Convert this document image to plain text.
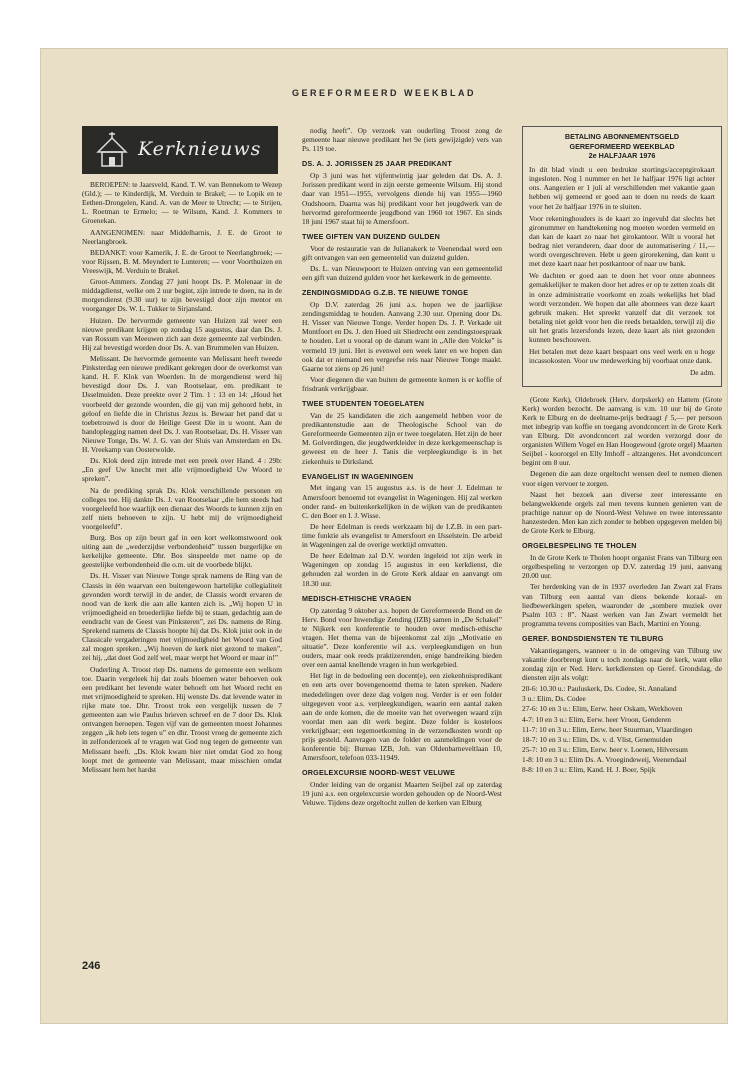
GEREFORMEERD WEEKBLAD
Kerknieuws

BEROEPEN: te Jaarsveld, Kand. T. W. van Bennekom te Wezep (Gld.); — te Kinderdijk, M. Verduin te Brakel; — te Lopik en te Eethen-Drongelen, Kand. A. van de Meer te Utrecht; — te Strijen, L. Roetman te Ermelo; — te Wilsum, Kand. J. Kommers te Groenekan.

AANGENOMEN: naar Middelharnis, J. E. de Groot te Neerlangbroek.

BEDANKT: voor Kamerik, J. E. de Groot te Neerlangbroek; — voor Rijssen, B. M. Meyndert te Lunteren; — voor Voorthuizen en Vreeswijk, M. Verduin te Brakel.

Groot-Ammers. Zondag 27 juni hoopt Ds. P. Molenaar in de middagdienst, welke om 2 uur begint, zijn intrede te doen, na in de morgendienst (9.30 uur) te zijn bevestigd door zijn mentor en voorganger Ds. W. L. Tukker te Sirjansland.

Huizen. De hervormde gemeente van Huizen zal weer een nieuwe predikant krijgen op zondag 15 augustus, daar dan Ds. J. van Rossum van Meeuwen zich aan deze gemeente zal verbinden. Hij zal bevestigd worden door Ds. A. van Brummelen van Huizen.

Melissant. De hervormde gemeente van Melissant heeft tweede Pinksterdag een nieuwe predikant gekregen door de overkomst van kand. H. F. Klok van Woerden. In de morgendienst werd hij bevestigd door Ds. J. van Rootselaar, em. predikant te IJsselmuiden. Deze preekte over 2 Tim. 1 : 13 en 14: „Houd het voorbeeld der gezonde woorden, die gij van mij gehoord hebt, in geloof en liefde die in Christus Jezus is. Bewaar het pand dat u toebetrouwd is door de Heilige Geest Die in u woont. Aan de handoplegging namen deel Ds. J. van Rootselaar, Ds. H. Visser van Nieuwe Tonge, Ds. W. J. G. van der Sluis van Amsterdam en Ds. H. Vreekamp van Oosterwolde.

Ds. Klok deed zijn intrede met een preek over Hand. 4 : 29b: „En geef Uw knecht met alle vrijmoedigheid Uw Woord te spreken”.

Na de prediking sprak Ds. Klok verschillende personen en colleges toe. Hij dankte Ds. J. van Rootselaar „die hem steeds had voorgeleefd hoe waarlijk een dienaar des Woords te kunnen zijn en zelf niets behoeven te zijn. U hebt mij de vrijmoedigheid voorgeleefd”.

Burg. Bos op zijn beurt gaf in een kort welkomstwoord ook uiting aan de „wederzijdse verbondenheid” tussen burgerlijke en kerkelijke gemeente. Dhr. Bos sinspeelde met name op de geestelijke verbondenheid die o.m. uit de voorbede blijkt.

Ds. H. Visser van Nieuwe Tonge sprak namens de Ring van de Classis in één waarvan een buitengewoon hartelijke collegialiteit gevonden wordt terwijl in de ander, de Classis wordt ervaren de nood van de kerk die aan alle kanten zich is. „Wij hopen U in vrijmoedigheid en broederlijke liefde bij te staan, gedachtig aan de eendracht van de Geest van Pinksteren”, zei Ds. namens de Ring. Sprekend namens de Classis hoopte hij dat Ds. Klok juist ook in de Classicale vergaderingen met vrijmoedigheid het Woord van God zal mogen spreken. „Wij hoeven de kerk niet gezond te maken”, zei hij, „dat doet God zelf wel, maar werpt het Woord er maar in!”

Ouderling A. Troost riep Ds. namens de gemeente een welkom toe. Daarin vergeleek hij dat zoals bloemen water behoeven ook een predikant het levende water behoeft om het Woord recht en met vrijmoedigheid te spreken. Hij wenste Ds. dat levende water in rijke mate toe. Dhr. Troost trok een vergelijk tussen de 7 gemeenten aan wie Paulus brieven schreef en de 7 door Ds. Klok ontvangen beroepen. Tegen vijf van de gemeenten moest Johannes zeggen „ik heb iets tegen u” en dhr. Troost vroeg de gemeente zich in zelfonderzoek af te vragen wat God nog tegen de gemeente van Melissant heeft. „Ds. Klok kwam hier niet omdat God zo hoog loopt met de gemeente van Melissant, maar misschien omdat Melissant hem het hardst

nodig heeft”. Op verzoek van ouderling Troost zong de gemeente haar nieuwe predikant het 9e (iets gewijzigde) vers van Ps. 119 toe.

DS. A. J. JORISSEN 25 JAAR PREDIKANT

Op 3 juni was het vijfentwintig jaar geleden dat Ds. A. J. Jorissen predikant werd in zijn eerste gemeente Wilsum. Hij stond daar van 1951—1955, vervolgens diende hij van 1955—1960 Oudshoorn. Daarna was hij predikant voor het jeugdwerk van de hervormd gereformeerde jeugdbond van 1960 tot 1967. En sinds 18 juni 1967 staat hij te Amersfoort.

TWEE GIFTEN VAN DUIZEND GULDEN

Voor de restauratie van de Julianakerk te Veenendaal werd een gift ontvangen van een gemeentelid van duizend gulden.

Ds. L. van Nieuwpoort te Huizen ontving van een gemeentelid een gift van duizend gulden voor het kerkewerk in de gemeente.

ZENDINGSMIDDAG G.Z.B. TE NIEUWE TONGE

Op D.V. zaterdag 26 juni a.s. hopen we de jaarlijkse zendingsmiddag te houden. Aanvang 2.30 uur. Opening door Ds. H. Visser van Nieuwe Tonge. Verder hopen Ds. J. P. Verkade uit Montfoort en Ds. J. den Hoed uit Sliedrecht een zendingstoespraak te houden. Let u vooral op de datum want in „Alle den Volcke” is vermeld 19 juni. Het is evenwel een week later en we hopen dan ook dat er niemand een vergeefse reis naar Nieuwe Tonge maakt. Gaarne tot ziens op 26 juni!

Voor diegenen die van buiten de gemeente komen is er koffie of frisdrank verkrijgbaar.

TWEE STUDENTEN TOEGELATEN

Van de 25 kandidaten die zich aangemeld hebben voor de predikantenstudie aan de Theologische School van de Gereformeerde Gemeenten zijn er twee toegelaten. Het zijn de heer M. Golverdingen, die jeugdwerkleider in deze kerkgemeenschap is geweest en de heer J. Tanis die verpleegkundige is in het ziekenhuis te Dirksland.

EVANGELIST IN WAGENINGEN

Met ingang van 15 augustus a.s. is de heer J. Edelman te Amersfoort benoemd tot evangelist in Wageningen. Hij zal werken onder rand- en buitenkerkelijken in de wijken van de predikanten C. den Boer en I. J. Wisse.

De heer Edelman is reeds werkzaam bij de I.Z.B. in een part-time funktie als evangelist te Amersfoort en IJsselstein. De arbeid in Wageningen zal de overige werktijd omvatten.

De heer Edelman zal D.V. worden ingeleid tot zijn werk in Wageningen op zondag 15 augustus in een kerkdienst, die gehouden zal worden in de Grote Kerk aldaar en aanvangt om 18.30 uur.

MEDISCH-ETHISCHE VRAGEN

Op zaterdag 9 oktober a.s. hopen de Gereformeerde Bond en de Herv. Bond voor Inwendige Zending (IZB) samen in „De Schakel” te Nijkerk een konferentie te houden over medisch-ethische vragen. Het thema van de bijeenkomst zal zijn „Motivatie en situatie”. Deze konferentie wil a.s. verpleegkundigen en hun ouders, maar ook reeds praktizerenden, enige handreiking bieden over een aantal knellende vragen in hun werkgebied.

Het ligt in de bedoeling een docent(e), een ziekenhuispredikant en een arts over bovengenoemd thema te laten spreken. Nadere mededelingen over deze dag volgen nog. Verder is er een folder uitgegeven voor a.s. verpleegkundigen, waarin een aantal zaken aan de orde komen, die de moeite van het overwegen waard zijn voordat men aan dit werk begint. Deze folder is kosteloos verkrijgbaar; een tegemoetkoming in de verzendkosten wordt op prijs gesteld. Aanvragen van de folder en aanmeldingen voor de konferentie bij: Bureau IZB, Joh. van Oldenbarneveltlaan 10, Amersfoort, telefoon 033-11949.

ORGELEXCURSIE NOORD-WEST VELUWE

Onder leiding van de organist Maarten Seijbel zal op zaterdag 19 juni a.s. een orgelexcursie worden gehouden op de Noord-West Veluwe. Tijdens deze orgeltocht zullen de kerken van Elburg

BETALING ABONNEMENTSGELD
GEREFORMEERD WEEKBLAD
2e HALFJAAR 1976

In dit blad vindt u een bedrukte stortings/acceptgirokaart ingesloten. Nog 1 nummer en het 1e halfjaar 1976 ligt achter ons. Aangezien er 1 juli al verschillenden met vakantie gaan hebben wij gemeend er goed aan te doen nu reeds de kaart voor het 2e halfjaar 1976 in te sluiten.

Voor rekeninghouders is de kaart zo ingevuld dat slechts het gironummer en handtekening nog moeten worden vermeld en dan kan de kaart zo naar het girokantoor. Wilt u vooral het bedrag niet veranderen, daar door de automatisering / 11,— wordt overgeschreven. Hebt u geen girorekening, dan kunt u met deze kaart naar het postkantoor of naar uw bank.

We dachten er goed aan te doen het voor onze abonnees gemakkelijker te maken door het adres er op te zetten zoals dit in onze administratie voorkomt en zoals wekelijks het blad wordt verzonden. We hopen dat alle abonnees van deze kaart gebruik maken. Het spreekt vanzelf dat dit verzoek tot betaling niet geldt voor hen die reeds betaalden, terwijl zij die uit het gratis lezersfonds lezen, deze kaart als niet gezonden kunnen beschouwen.

Het betalen met deze kaart bespaart ons veel werk en u hoge incassokosten. Voor uw medewerking bij voorbaat onze dank.

De adm.

(Grote Kerk), Oldebroek (Herv. dorpskerk) en Hattem (Grote Kerk) worden bezocht. De aanvang is v.m. 10 uur bij de Grote Kerk te Elburg en de deelname-prijs bedraagt ƒ 5,— per persoon met inbegrip van koffie en toegang avondconcert in de Grote Kerk van Elburg. Dit avondconcert zal worden verzorgd door de organisten Willem Vogel en Han Hoogewoud (grote orgel) Maarten Seijbel - koororgel en Elly Imhoff - altzangeres. Het avondconcert begint om 8 uur.

Degenen die aan deze orgeltocht wensen deel te nemen dienen voor eigen vervoer te zorgen.

Naast het bezoek aan diverse zeer interessante en belangwekkende orgels zal men tevens kunnen genieten van de prachtige natuur op de Noord-West Veluwe en twee interessante hanzesteden. Men kan zich zonder te hebben opgegeven melden bij de Grote Kerk te Elburg.

ORGELBESPELING TE THOLEN

In de Grote Kerk te Tholen hoopt organist Frans van Tilburg een orgelbespeling te verzorgen op D.V. zaterdag 19 juni, aanvang 20.00 uur.

Ter herdenking van de in 1937 overleden Jan Zwart zal Frans van Tilburg een aantal van diens bekende koraal- en liedbewerkingen spelen, waaronder de „sombere muziek over Psalm 103 : 8”. Naast werken van Jan Zwart vermeldt het programma tevens composities van Bach, Martini en Young.

GEREF. BONDSDIENSTEN TE TILBURG

Vakantiegangers, wanneer u in de omgeving van Tilburg uw vakantie doorbrengt kunt u toch zondags naar de kerk, want elke zondag zijn er Ned. Herv. kerkdiensten op Geref. Grondslag, de diensten zijn als volgt:

20-6: 10.30 u.: Pauluskerk, Ds. Codee, St. Annaland

3 u.: Elim, Ds. Codee

27-6: 10 en 3 u.: Elim, Eerw. heer Oskam, Werkhoven

4-7: 10 en 3 u.: Elim, Eerw. heer Vroon, Genderen

11-7: 10 en 3 u.: Elim, Eerw. heer Stuurman, Vlaardingen

18-7: 10 en 3 u.: Elim, Ds. v. d. Vlist, Genemuiden

25-7: 10 en 3 u.: Elim, Eerw. heer v. Loenen, Hilversum

1-8: 10 en 3 u.: Elim Ds. A. Vroegindeweij, Veenendaal

8-8: 10 en 3 u.: Elim, Kand. H. J. Boer, Spijk

246
